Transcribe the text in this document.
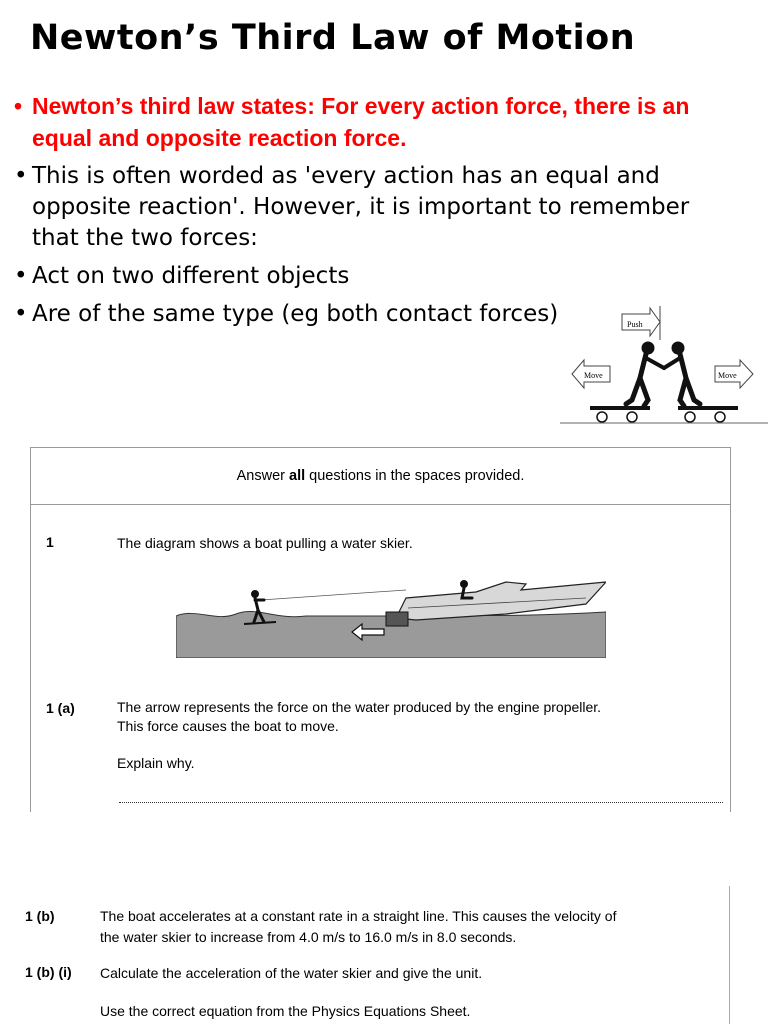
Newton’s Third Law of Motion
• Newton’s third law states: For every action force, there is an equal and opposite reaction force.
• This is often worded as 'every action has an equal and opposite reaction'. However, it is important to remember that the two forces:
• Act on two different objects
• Are of the same type (eg both contact forces)	Push
Move	Move
Answer all questions in the spaces provided.
1	The diagram shows a boat pulling a water skier.
1 (a)	The arrow represents the force on the water produced by the engine propeller.
This force causes the boat to move.
Explain why.
1 (b)	The boat accelerates at a constant rate in a straight line. This causes the velocity of
the water skier to increase from 4.0 m/s to 16.0 m/s in 8.0 seconds.
1 (b) (i) Calculate the acceleration of the water skier and give the unit.
Use the correct equation from the Physics Equations Sheet.
